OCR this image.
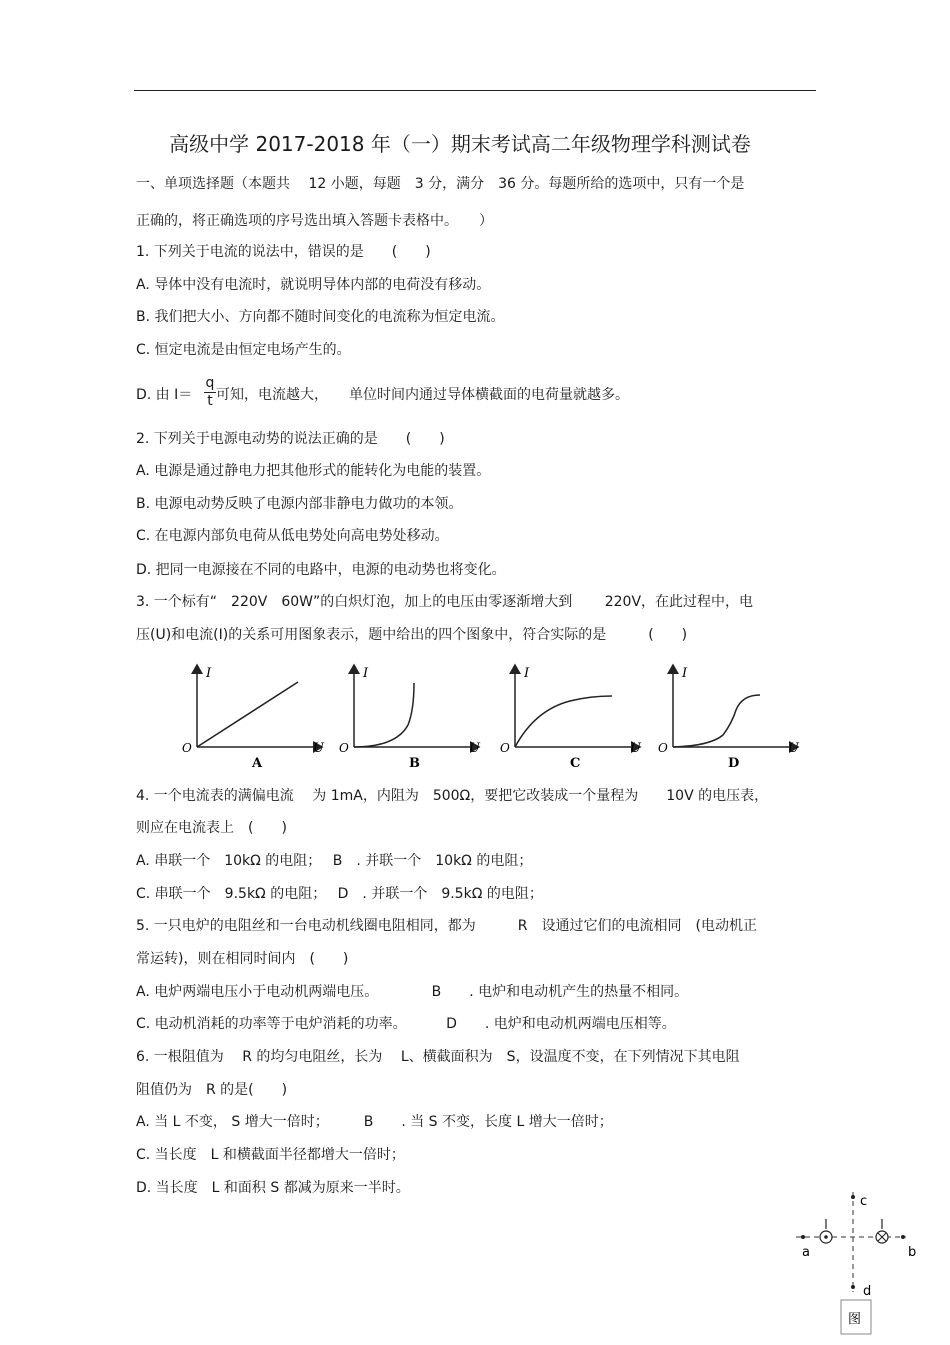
高级中学 2017-2018 年（一）期末考试高二年级物理学科测试卷
一、单项选择题（本题共　 12 小题，每题　3 分，满分　36 分。每题所给的选项中，只有一个是
正确的，将正确选项的序号选出填入答题卡表格中。　　）
1. 下列关于电流的说法中，错误的是　　(　　)
A. 导体中没有电流时，就说明导体内部的电荷没有移动。
B. 我们把大小、方向都不随时间变化的电流称为恒定电流。
C. 恒定电流是由恒定电场产生的。
D. 由 I＝
q
t 可知，电流越大，　　单位时间内通过导体横截面的电荷量就越多。
2. 下列关于电源电动势的说法正确的是　　(　　)
A. 电源是通过静电力把其他形式的能转化为电能的装置。
B. 电源电动势反映了电源内部非静电力做功的本领。
C. 在电源内部负电荷从低电势处向高电势处移动。
D. 把同一电源接在不同的电路中，电源的电动势也将变化。
3. 一个标有“　220V　60W”的白炽灯泡，加上的电压由零逐渐增大到　　 220V，在此过程中，电
压(U)和电流(I)的关系可用图象表示，题中给出的四个图象中，符合实际的是　　　(　　)
I
U
O
A
I
U
O
B
I
U
O
C
I
U
O
D
4. 一个电流表的满偏电流　 为 1mA，内阻为　500Ω，要把它改装成一个量程为　　10V 的电压表，
则应在电流表上　(　　)
A. 串联一个　10kΩ 的电阻；　 B　. 并联一个　10kΩ 的电阻；
C. 串联一个　9.5kΩ 的电阻；　 D　. 并联一个　9.5kΩ 的电阻；
5. 一只电炉的电阻丝和一台电动机线圈电阻相同，都为　　　R　设通过它们的电流相同　(电动机正
常运转)，则在相同时间内　(　　)
A. 电炉两端电压小于电动机两端电压。　　　　 B　　. 电炉和电动机产生的热量不相同。
C. 电动机消耗的功率等于电炉消耗的功率。　　　 D　　. 电炉和电动机两端电压相等。
6. 一根阻值为　 R 的均匀电阻丝，长为　 L、横截面积为　S，设温度不变，在下列情况下其电阻
阻值仍为　R 的是(　　)
A. 当 L 不变， S 增大一倍时；　　　B　　. 当 S 不变，长度 L 增大一倍时；
C. 当长度　L 和横截面半径都增大一倍时；
D. 当长度　L 和面积 S 都减为原来一半时。
a	b
c
d
图
